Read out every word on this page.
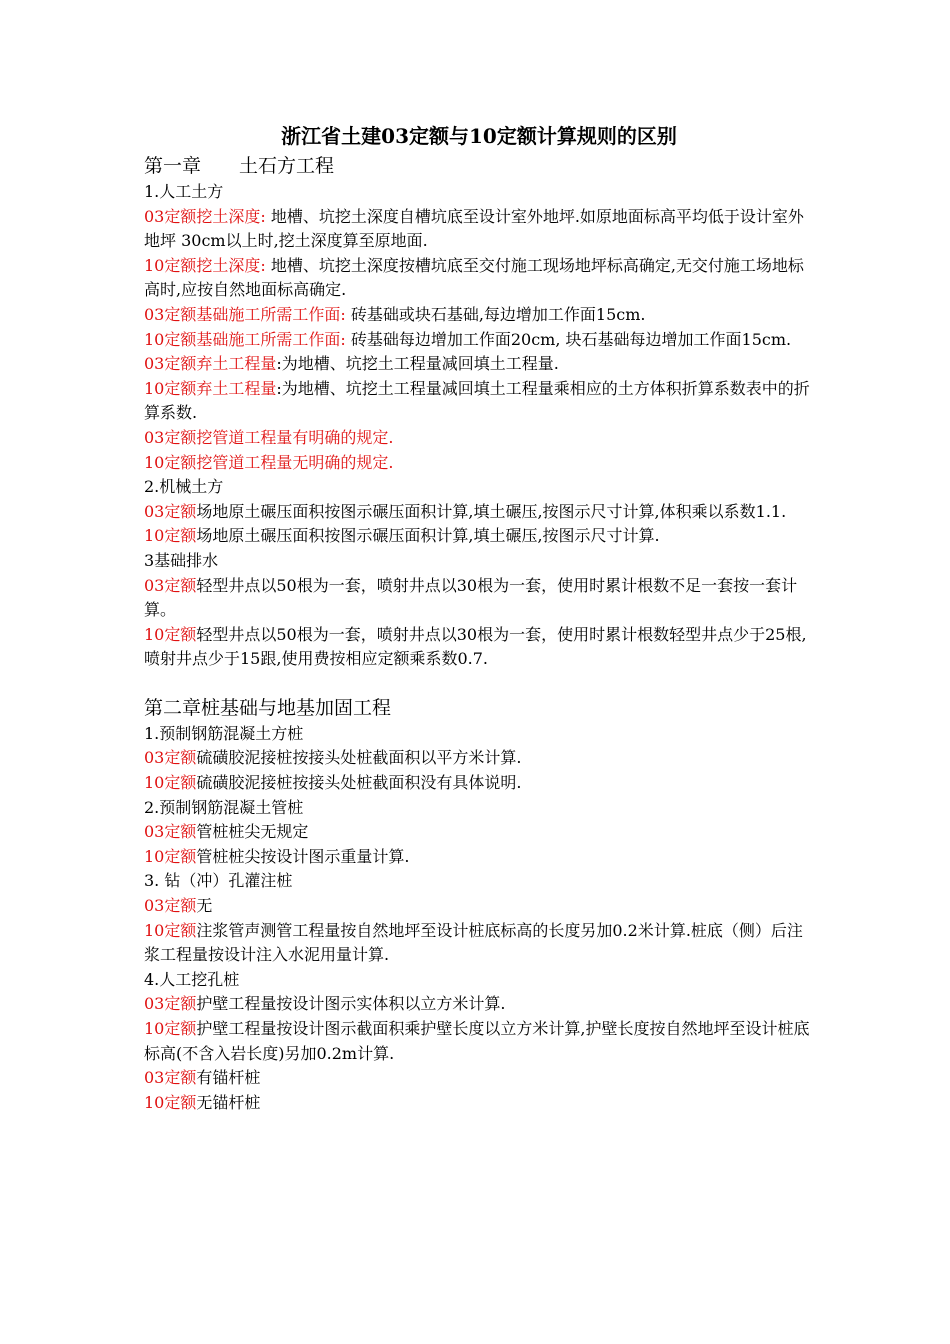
浙江省土建03定额与10定额计算规则的区别

第一章　　土石方工程

1.人工土方

03定额挖土深度: 地槽、坑挖土深度自槽坑底至设计室外地坪.如原地面标高平均低于设计室外地坪 30cm以上时,挖土深度算至原地面.

10定额挖土深度: 地槽、坑挖土深度按槽坑底至交付施工现场地坪标高确定,无交付施工场地标高时,应按自然地面标高确定.

03定额基础施工所需工作面: 砖基础或块石基础,每边增加工作面15cm.

10定额基础施工所需工作面: 砖基础每边增加工作面20cm, 块石基础每边增加工作面15cm.

03定额弃土工程量:为地槽、坑挖土工程量减回填土工程量.

10定额弃土工程量:为地槽、坑挖土工程量减回填土工程量乘相应的土方体积折算系数表中的折算系数.

03定额挖管道工程量有明确的规定.

10定额挖管道工程量无明确的规定.

2.机械土方

03定额场地原土碾压面积按图示碾压面积计算,填土碾压,按图示尺寸计算,体积乘以系数1.1.

10定额场地原土碾压面积按图示碾压面积计算,填土碾压,按图示尺寸计算.

3基础排水

03定额轻型井点以50根为一套，喷射井点以30根为一套，使用时累计根数不足一套按一套计算。

10定额轻型井点以50根为一套，喷射井点以30根为一套，使用时累计根数轻型井点少于25根,喷射井点少于15跟,使用费按相应定额乘系数0.7.

第二章桩基础与地基加固工程

1.预制钢筋混凝土方桩

03定额硫磺胶泥接桩按接头处桩截面积以平方米计算.

10定额硫磺胶泥接桩按接头处桩截面积没有具体说明.

2.预制钢筋混凝土管桩

03定额管桩桩尖无规定

10定额管桩桩尖按设计图示重量计算.

3. 钻（冲）孔灌注桩

03定额无

10定额注浆管声测管工程量按自然地坪至设计桩底标高的长度另加0.2米计算.桩底（侧）后注浆工程量按设计注入水泥用量计算.

4.人工挖孔桩

03定额护壁工程量按设计图示实体积以立方米计算.

10定额护壁工程量按设计图示截面积乘护壁长度以立方米计算,护壁长度按自然地坪至设计桩底标高(不含入岩长度)另加0.2m计算.

03定额有锚杆桩

10定额无锚杆桩
